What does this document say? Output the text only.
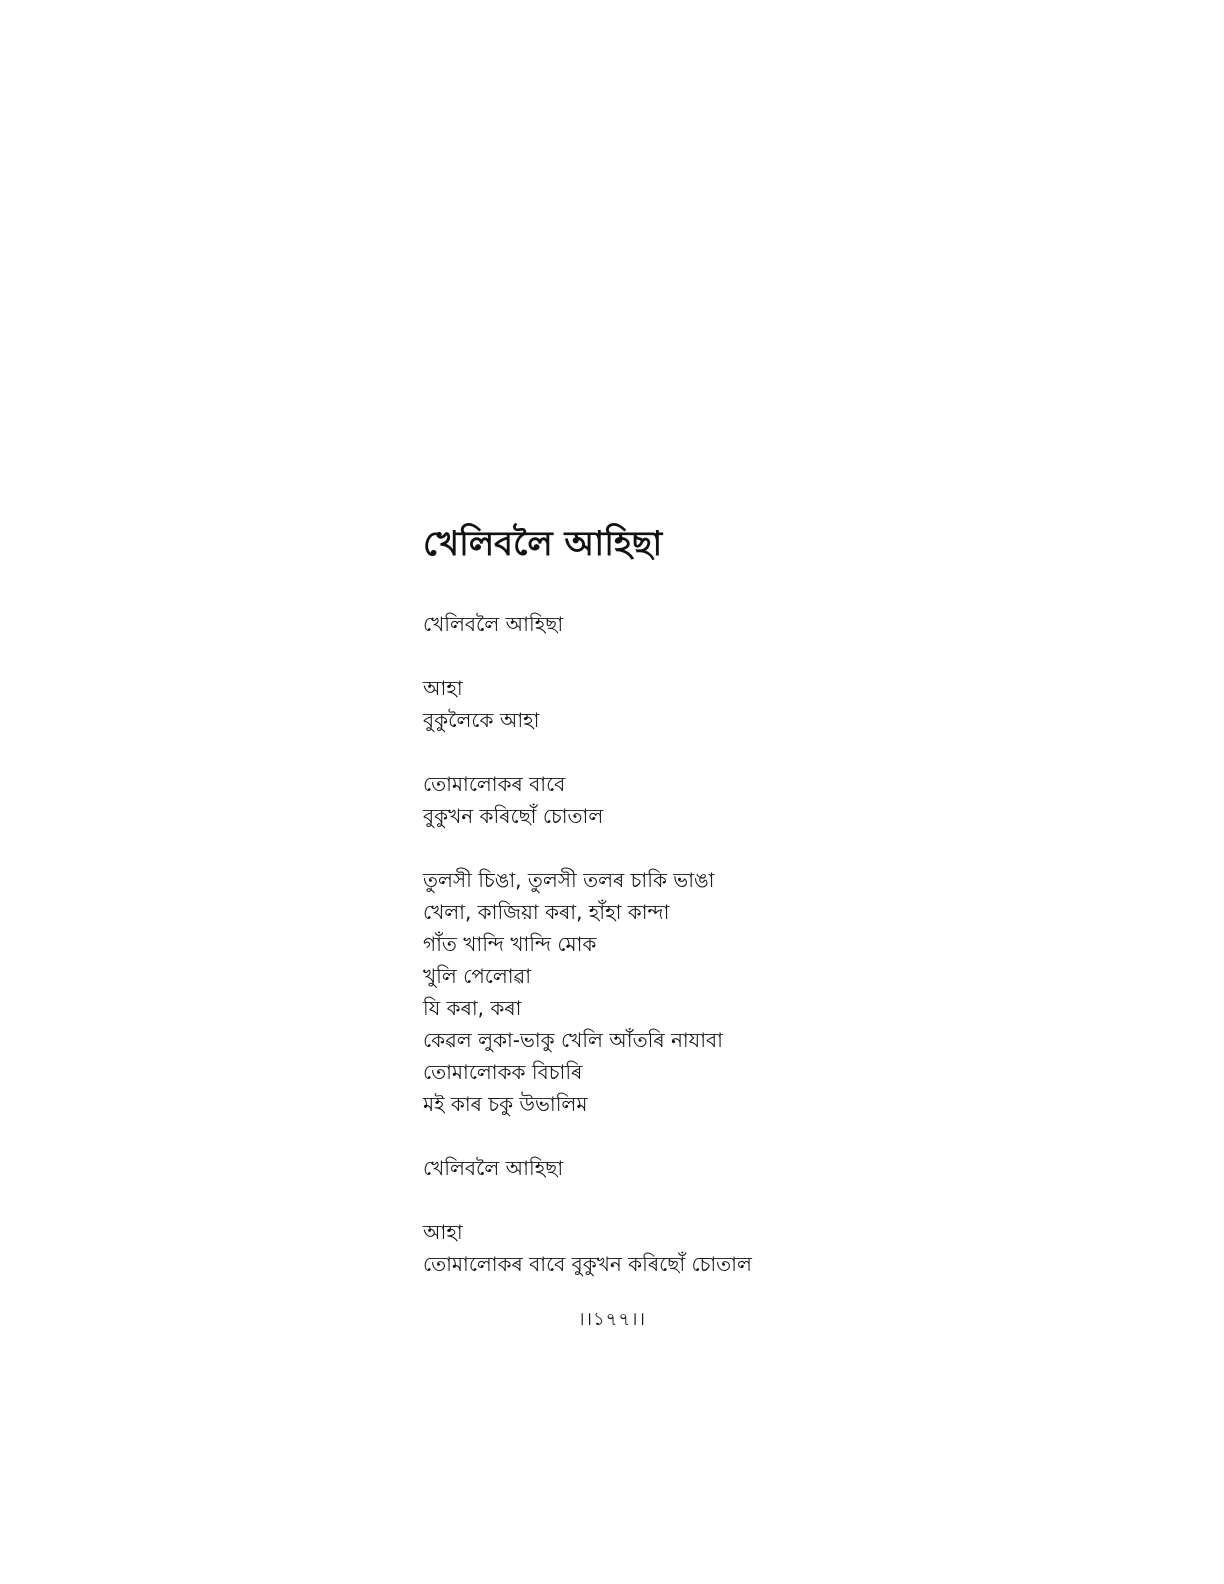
খেলিবলৈ আহিছা
খেলিবলৈ আহিছা
আহা
বুকুলৈকে আহা
তোমালোকৰ বাবে
বুকুখন কৰিছোঁ চোতাল
তুলসী চিঙা, তুলসী তলৰ চাকি ভাঙা
খেলা, কাজিয়া কৰা, হাঁহা কান্দা
গাঁত খান্দি খান্দি মোক
খুলি পেলোৱা
যি কৰা, কৰা
কেৱল লুকা-ভাকু খেলি আঁতৰি নাযাবা
তোমালোকক বিচাৰি
মই কাৰ চকু উভালিম
খেলিবলৈ আহিছা
আহা
তোমালোকৰ বাবে বুকুখন কৰিছোঁ চোতাল
।।১৭৭।।
